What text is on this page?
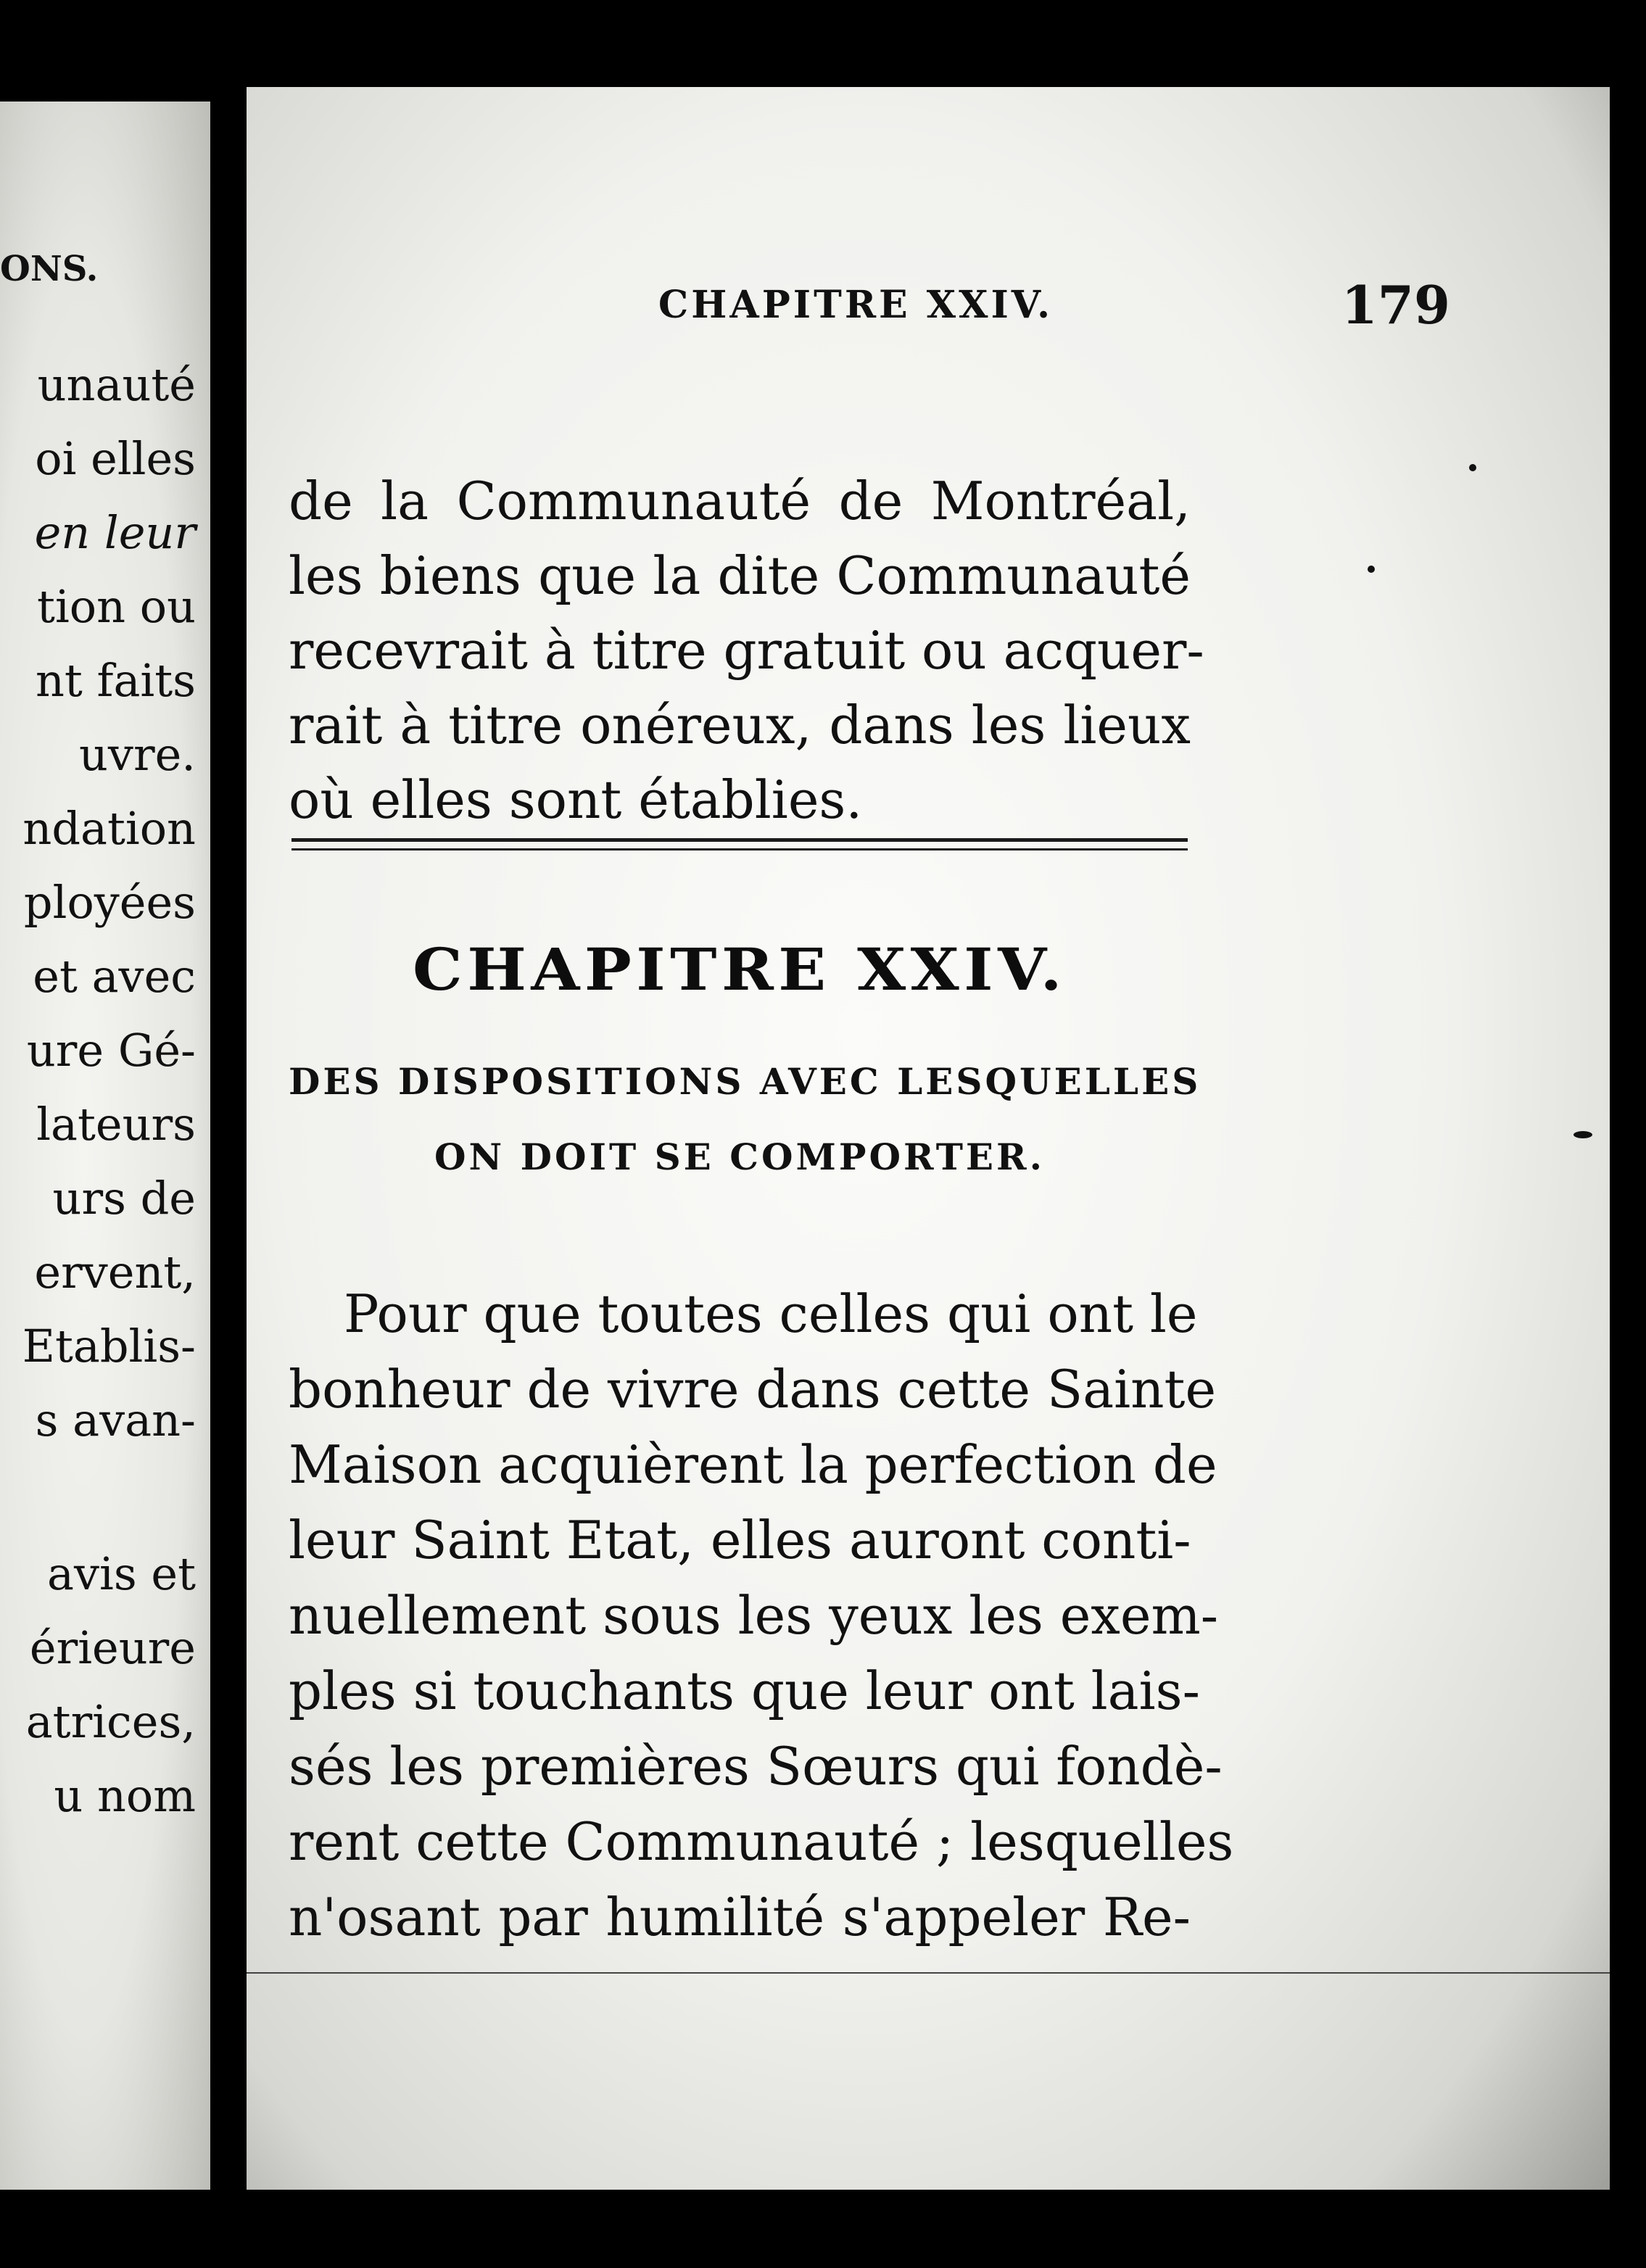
ONS.
unauté
oi elles
en leur
tion ou
nt faits
uvre.
ndation
ployées
et avec
ure Gé-
lateurs
urs de
ervent,
Etablis-
s avan-
avis et
érieure
atrices,
u nom
CHAPITRE XXIV.	179
de la Communauté de Montréal,
les biens que la dite Communauté
recevrait à titre gratuit ou acquer-
rait à titre onéreux, dans les lieux
où elles sont établies.
CHAPITRE XXIV.
DES DISPOSITIONS AVEC LESQUELLES
ON DOIT SE COMPORTER.
Pour que toutes celles qui ont le
bonheur de vivre dans cette Sainte
Maison acquièrent la perfection de
leur Saint Etat, elles auront conti-
nuellement sous les yeux les exem-
ples si touchants que leur ont lais-
sés les premières Sœurs qui fondè-
rent cette Communauté ; lesquelles
n'osant par humilité s'appeler Re-
